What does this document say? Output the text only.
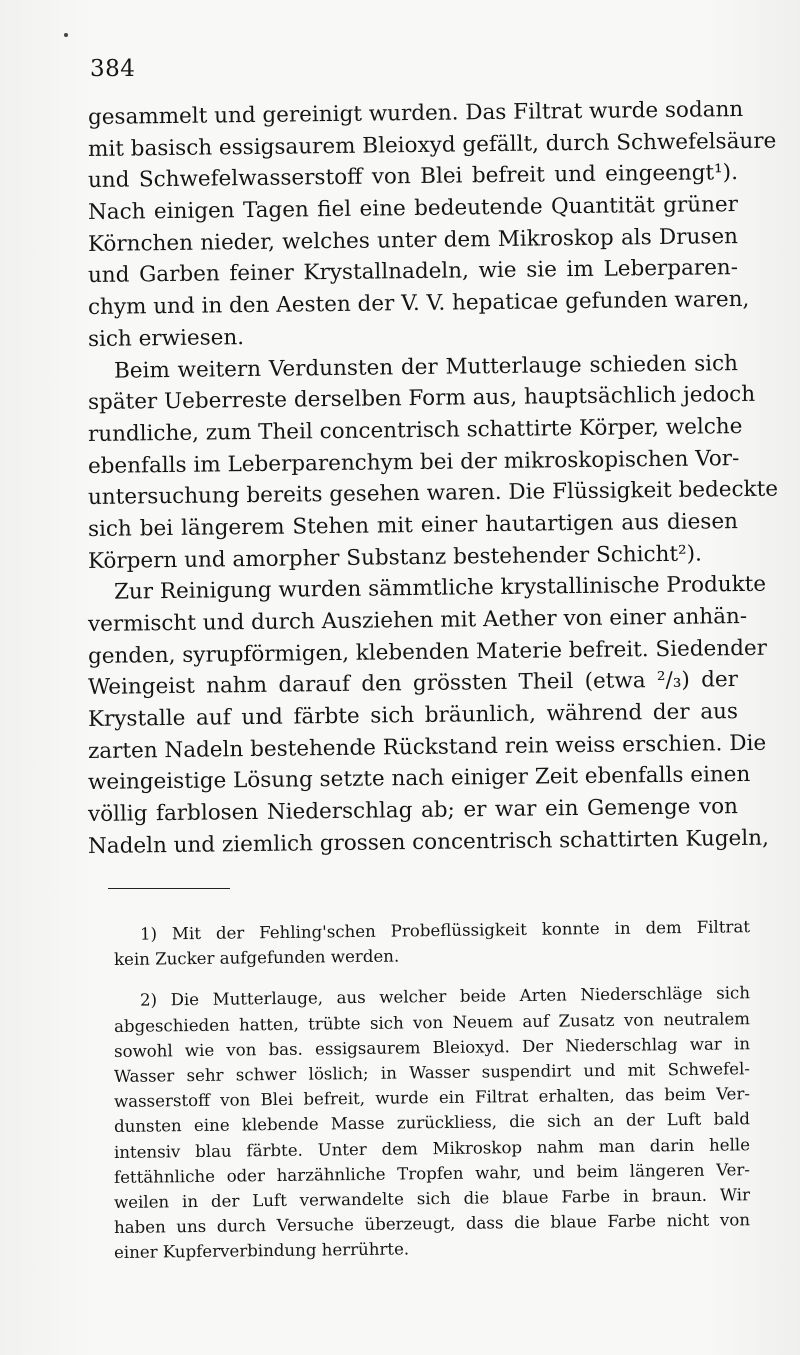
384
gesammelt und gereinigt wurden. Das Filtrat wurde sodann
mit basisch essigsaurem Bleioxyd gefällt, durch Schwefelsäure
und Schwefelwasserstoff von Blei befreit und eingeengt¹).
Nach einigen Tagen fiel eine bedeutende Quantität grüner
Körnchen nieder, welches unter dem Mikroskop als Drusen
und Garben feiner Krystallnadeln, wie sie im Leberparen-
chym und in den Aesten der V. V. hepaticae gefunden waren,
sich erwiesen.
Beim weitern Verdunsten der Mutterlauge schieden sich
später Ueberreste derselben Form aus, hauptsächlich jedoch
rundliche, zum Theil concentrisch schattirte Körper, welche
ebenfalls im Leberparenchym bei der mikroskopischen Vor-
untersuchung bereits gesehen waren. Die Flüssigkeit bedeckte
sich bei längerem Stehen mit einer hautartigen aus diesen
Körpern und amorpher Substanz bestehender Schicht²).
Zur Reinigung wurden sämmtliche krystallinische Produkte
vermischt und durch Ausziehen mit Aether von einer anhän-
genden, syrupförmigen, klebenden Materie befreit. Siedender
Weingeist nahm darauf den grössten Theil (etwa ²/₃) der
Krystalle auf und färbte sich bräunlich, während der aus
zarten Nadeln bestehende Rückstand rein weiss erschien. Die
weingeistige Lösung setzte nach einiger Zeit ebenfalls einen
völlig farblosen Niederschlag ab; er war ein Gemenge von
Nadeln und ziemlich grossen concentrisch schattirten Kugeln,
1) Mit der Fehling'schen Probeflüssigkeit konnte in dem Filtrat
kein Zucker aufgefunden werden.
2) Die Mutterlauge, aus welcher beide Arten Niederschläge sich
abgeschieden hatten, trübte sich von Neuem auf Zusatz von neutralem
sowohl wie von bas. essigsaurem Bleioxyd. Der Niederschlag war in
Wasser sehr schwer löslich; in Wasser suspendirt und mit Schwefel-
wasserstoff von Blei befreit, wurde ein Filtrat erhalten, das beim Ver-
dunsten eine klebende Masse zurückliess, die sich an der Luft bald
intensiv blau färbte. Unter dem Mikroskop nahm man darin helle
fettähnliche oder harzähnliche Tropfen wahr, und beim längeren Ver-
weilen in der Luft verwandelte sich die blaue Farbe in braun. Wir
haben uns durch Versuche überzeugt, dass die blaue Farbe nicht von
einer Kupferverbindung herrührte.
